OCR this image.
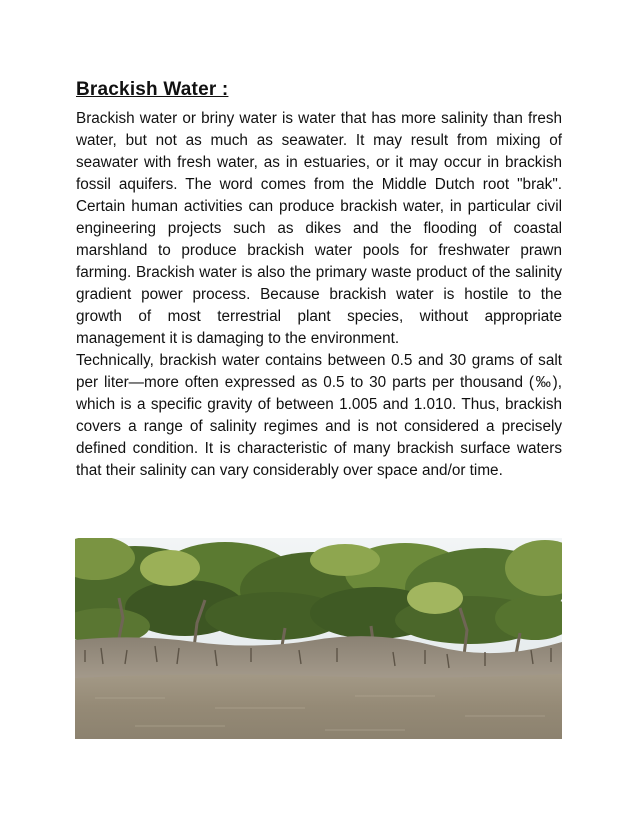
Brackish Water :

Brackish water or briny water is water that has more salinity than fresh water, but not as much as seawater. It may result from mixing of seawater with fresh water, as in estuaries, or it may occur in brackish fossil aquifers. The word comes from the Middle Dutch root "brak". Certain human activities can produce brackish water, in particular civil engineering projects such as dikes and the flooding of coastal marshland to produce brackish water pools for freshwater prawn farming. Brackish water is also the primary waste product of the salinity gradient power process. Because brackish water is hostile to the growth of most terrestrial plant species, without appropriate management it is damaging to the environment.

Technically, brackish water contains between 0.5 and 30 grams of salt per liter—more often expressed as 0.5 to 30 parts per thousand (‰), which is a specific gravity of between 1.005 and 1.010. Thus, brackish covers a range of salinity regimes and is not considered a precisely defined condition. It is characteristic of many brackish surface waters that their salinity can vary considerably over space and/or time.
